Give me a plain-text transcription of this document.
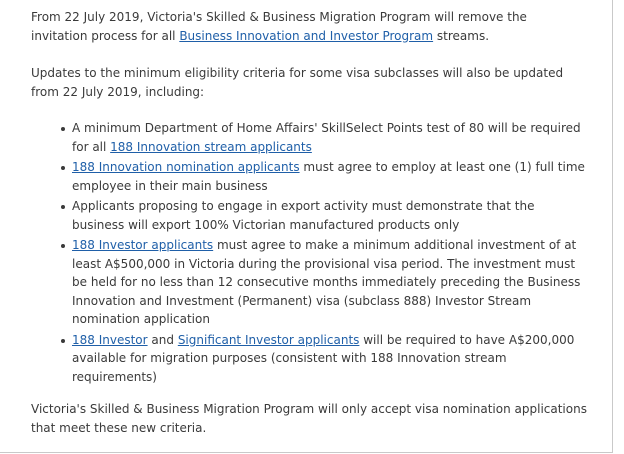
From 22 July 2019, Victoria's Skilled & Business Migration Program will remove the invitation process for all Business Innovation and Investor Program streams.

Updates to the minimum eligibility criteria for some visa subclasses will also be updated from 22 July 2019, including:

A minimum Department of Home Affairs' SkillSelect Points test of 80 will be required for all 188 Innovation stream applicants
188 Innovation nomination applicants must agree to employ at least one (1) full time employee in their main business
Applicants proposing to engage in export activity must demonstrate that the business will export 100% Victorian manufactured products only
188 Investor applicants must agree to make a minimum additional investment of at least A$500,000 in Victoria during the provisional visa period. The investment must be held for no less than 12 consecutive months immediately preceding the Business Innovation and Investment (Permanent) visa (subclass 888) Investor Stream nomination application
188 Investor and Significant Investor applicants will be required to have A$200,000 available for migration purposes (consistent with 188 Innovation stream requirements)

Victoria's Skilled & Business Migration Program will only accept visa nomination applications that meet these new criteria.
